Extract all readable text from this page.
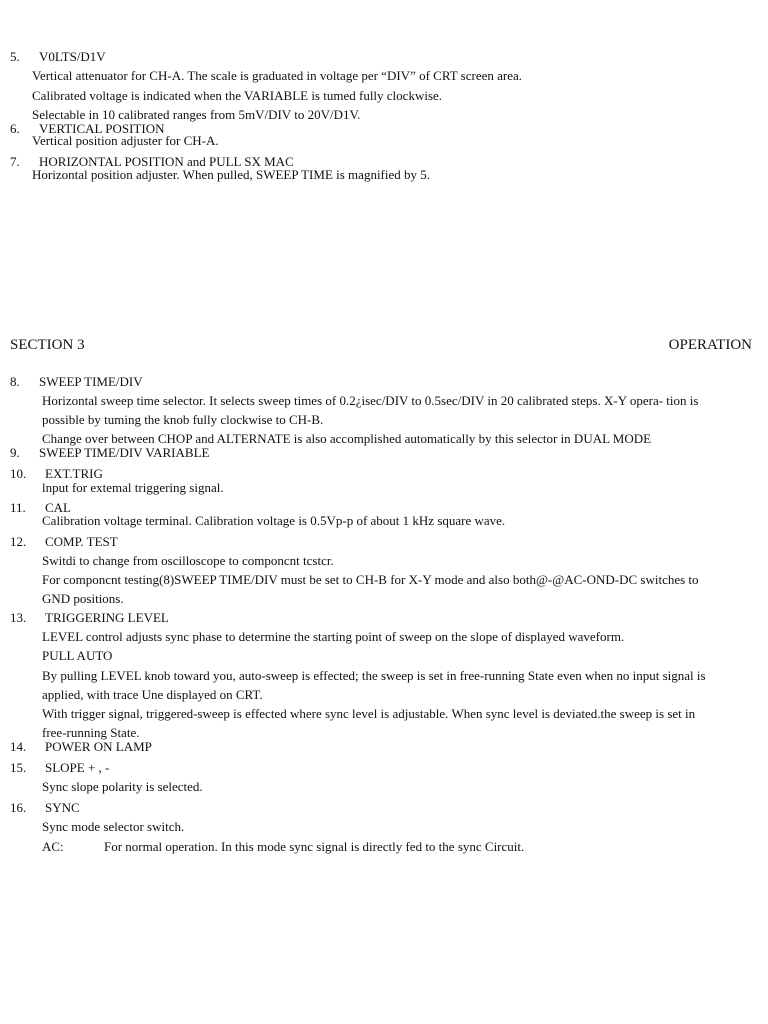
5. V0LTS/D1V
Vertical attenuator for CH-A. The scale is graduated in voltage per “DIV” of CRT screen area.
Calibrated voltage is indicated when the VARIABLE is tumed fully clockwise.
Selectable in 10 calibrated ranges from 5mV/DIV to 20V/D1V.
6. VERTICAL POSITION
Vertical position adjuster for CH-A.
7. HORIZONTAL POSITION and PULL SX MAC
Horizontal position adjuster. When pulled, SWEEP TIME is magnified by 5.
SECTION 3	OPERATION
8. SWEEP TIME/DIV
Horizontal sweep time selector. It selects sweep times of 0.2¿isec/DIV to 0.5sec/DIV in 20 calibrated steps. X-Y opera- tion is
possible by tuming the knob fully clockwise to CH-B.
Change over between CHOP and ALTERNATE is also accomplished automatically by this selector in DUAL MODE
9. SWEEP TIME/DIV VARIABLE
10. EXT.TRIG
lnput for extemal triggering signal.
11. CAL
Calibration voltage terminal. Calibration voltage is 0.5Vp-p of about 1 kHz square wave.
12. COMP. TEST
Switdi to change from oscilloscope to componcnt tcstcr.
For componcnt testing(8)SWEEP TIME/DIV must be set to CH-B for X-Y mode and also both@-@AC-OND-DC switches to
GND positions.
13. TRIGGERING LEVEL
LEVEL control adjusts sync phase to determine the starting point of sweep on the slope of displayed waveform.
PULL AUTO
By pulling LEVEL knob toward you, auto-sweep is effected; the sweep is set in free-running State even when no input signal is
applied, with trace Une displayed on CRT.
With trigger signal, triggered-sweep is effected where sync level is adjustable. When sync level is deviated.the sweep is set in
free-running State.
14. POWER ON LAMP
15. SLOPE + , -
Sync slope polarity is selected.
16. SYNC
Sync mode selector switch.
AC:	For normal operation. In this mode sync signal is directly fed to the sync Circuit.
